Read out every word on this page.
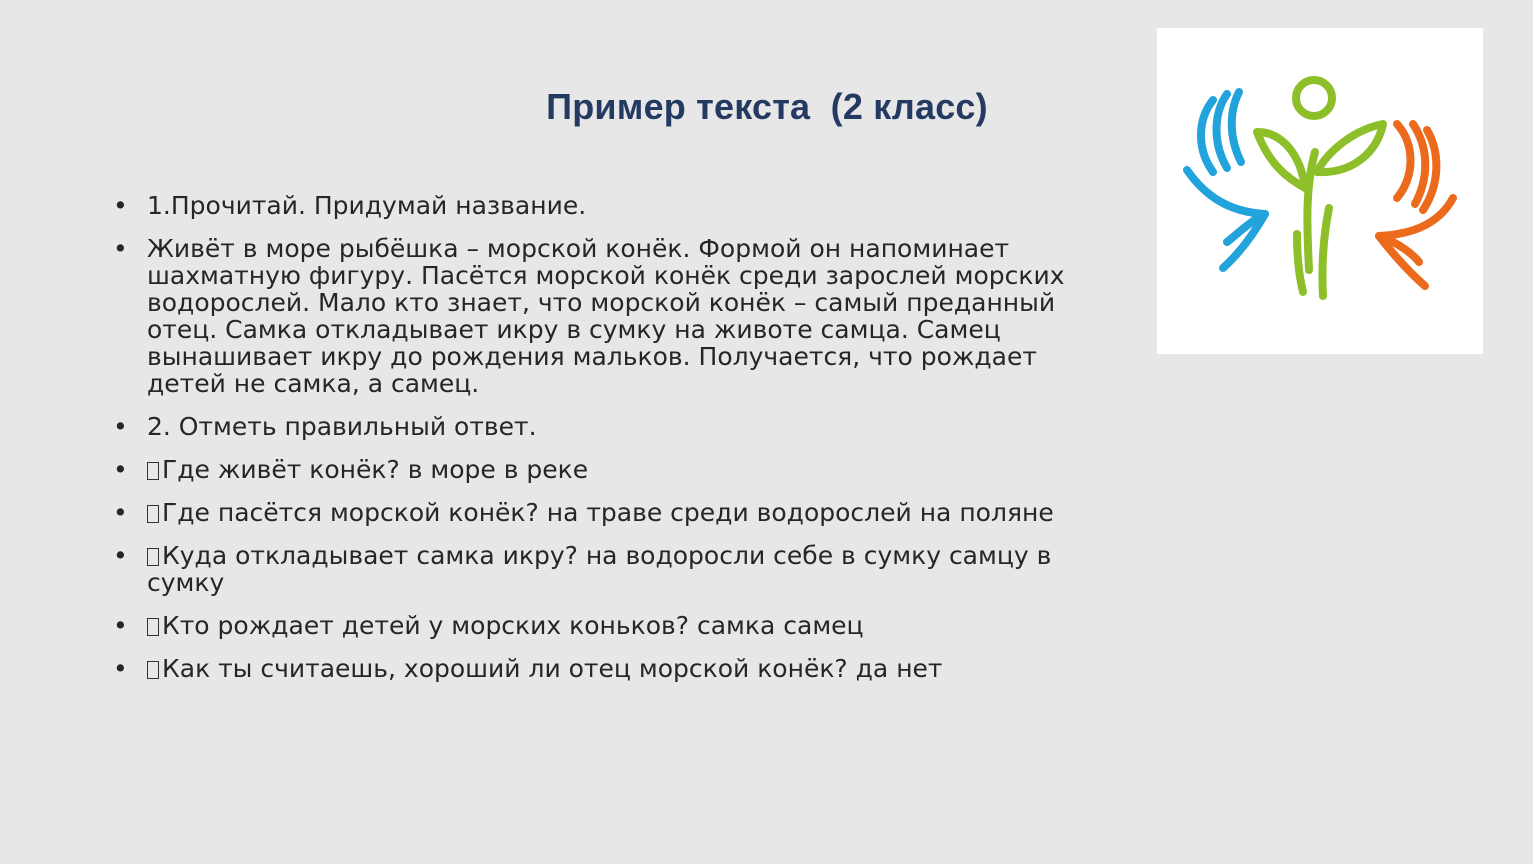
Пример текста  (2 класс)
• 1.Прочитай. Придумай название.
• Живёт в море рыбёшка – морской конёк. Формой он напоминает шахматную фигуру. Пасётся морской конёк среди зарослей морских водорослей. Мало кто знает, что морской конёк – самый преданный отец. Самка откладывает икру в сумку на животе самца. Самец вынашивает икру до рождения мальков. Получается, что рождает детей не самка, а самец.
• 2. Отметь правильный ответ.
• Где живёт конёк? в море в реке
• Где пасётся морской конёк? на траве среди водорослей на поляне
• Куда откладывает самка икру? на водоросли себе в сумку самцу в сумку
• Кто рождает детей у морских коньков? самка самец
• Как ты считаешь, хороший ли отец морской конёк? да нет
